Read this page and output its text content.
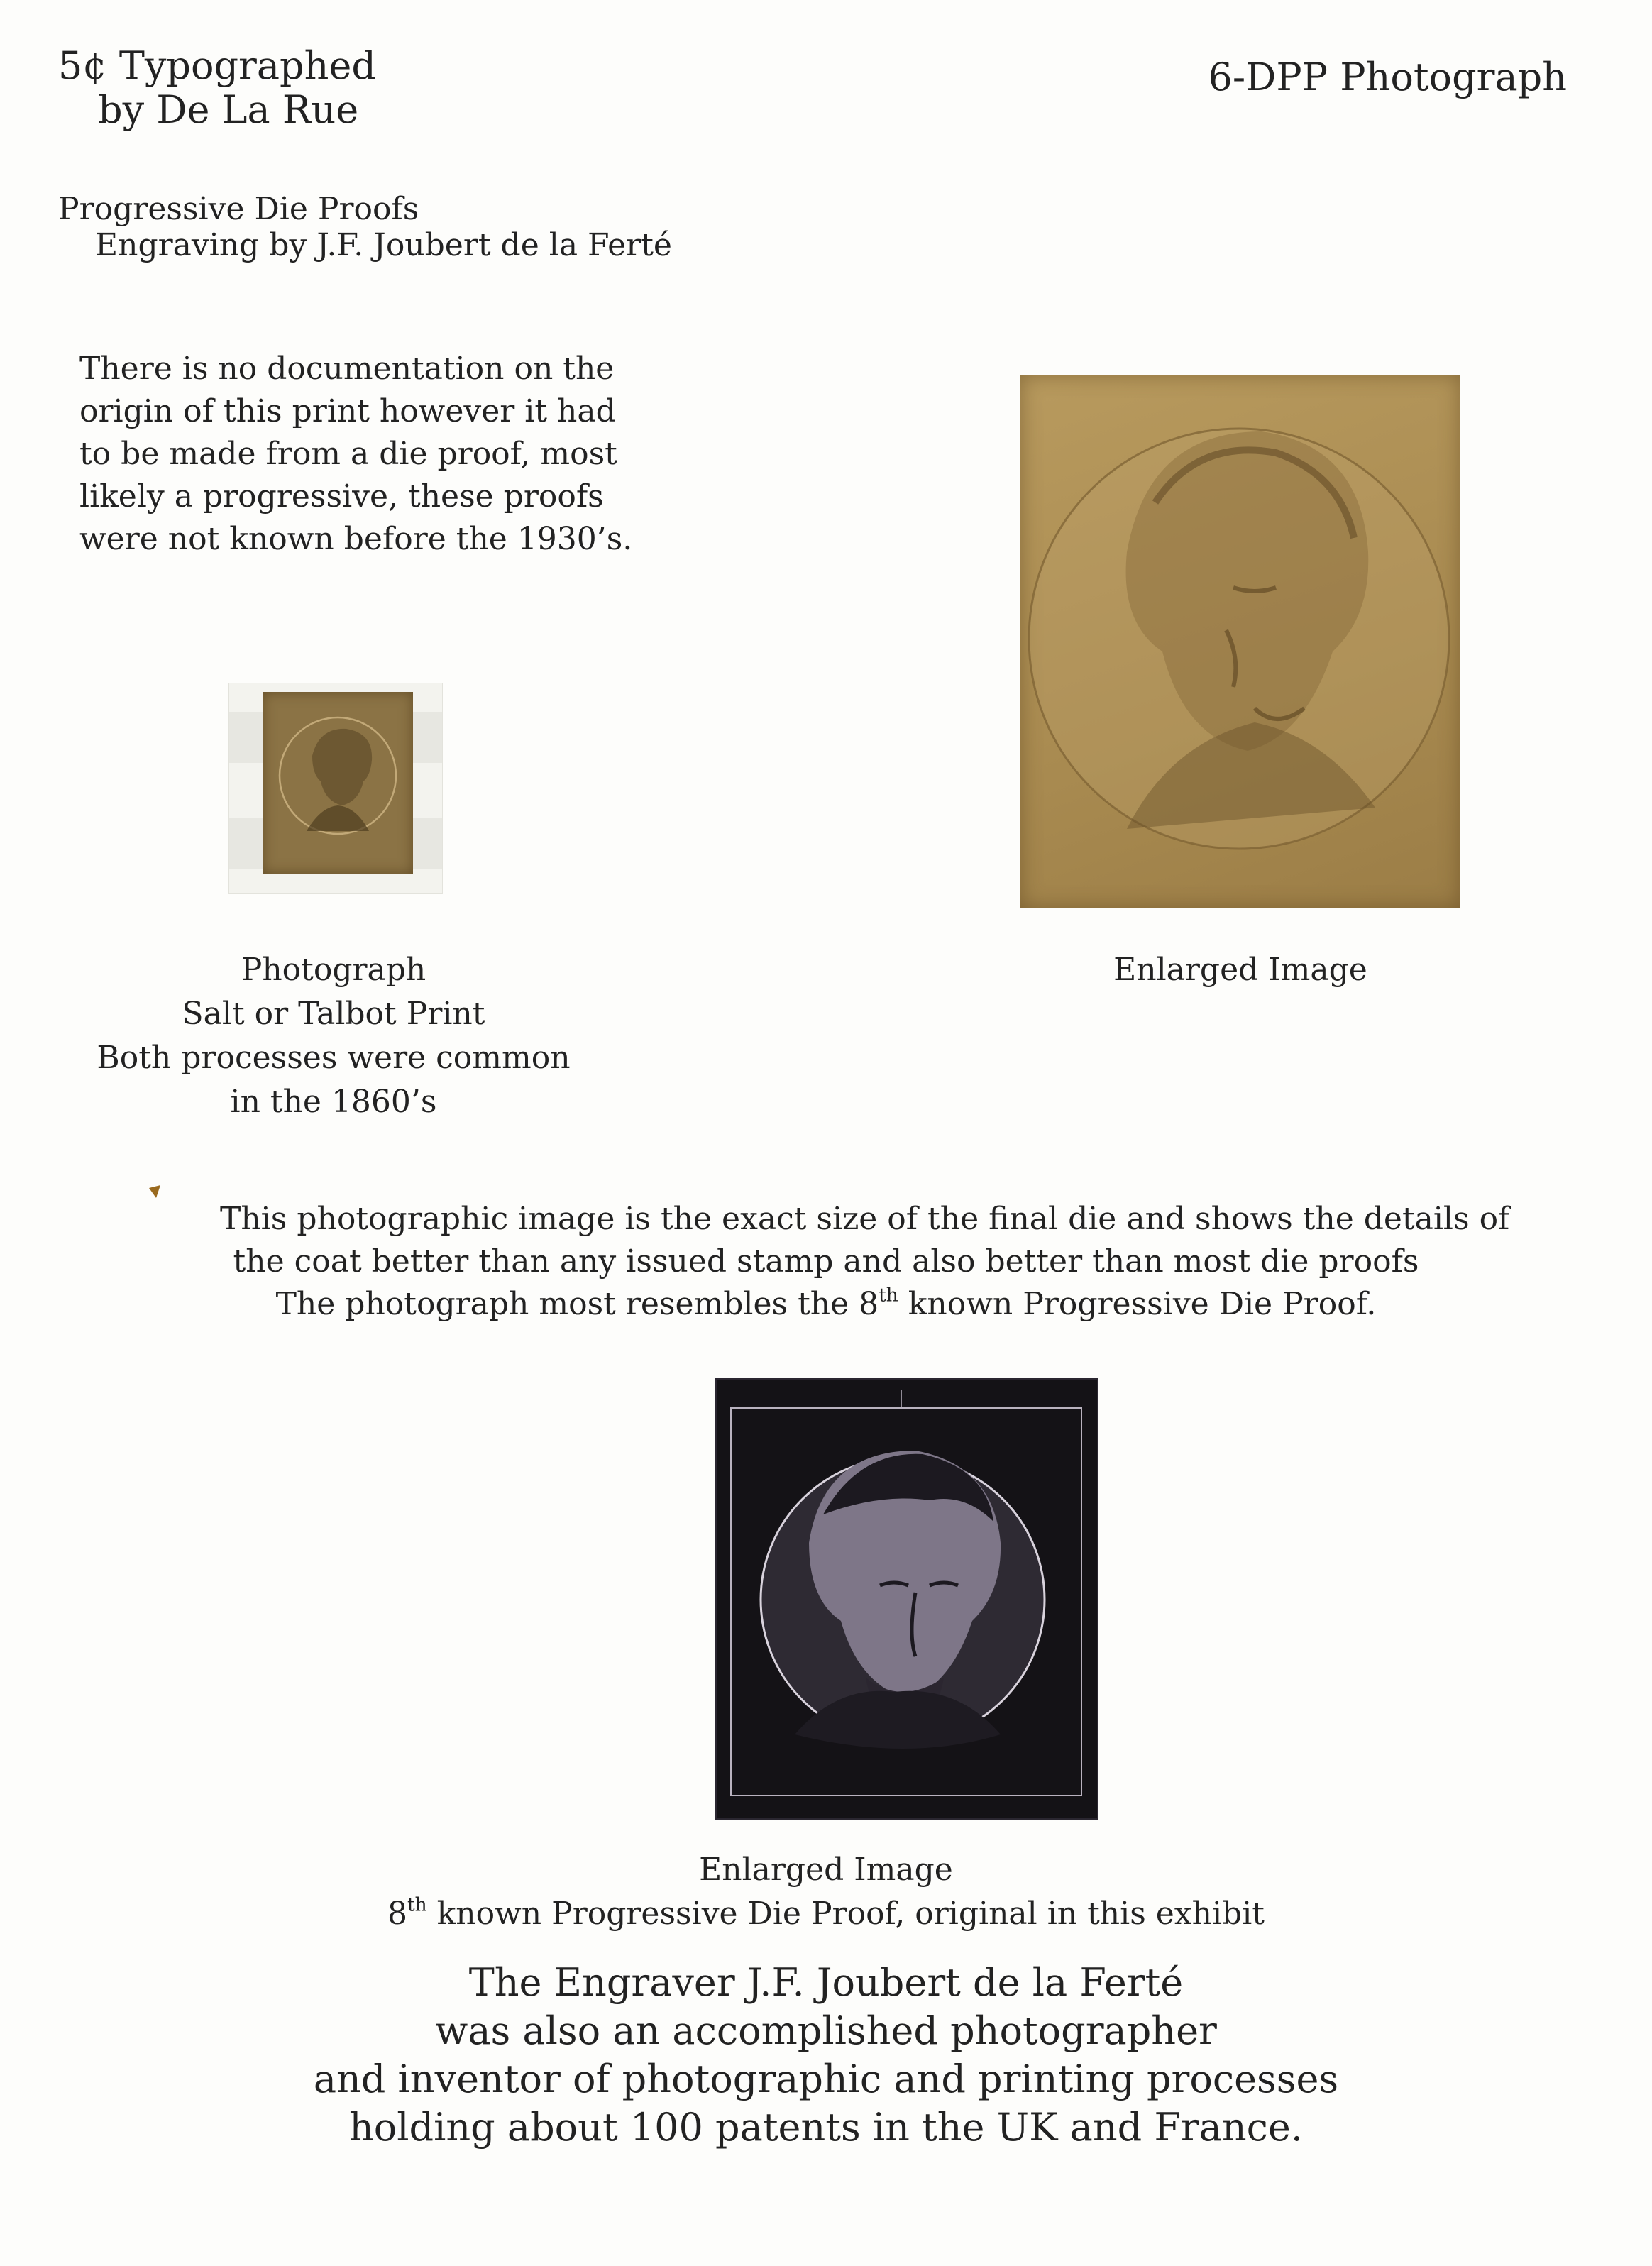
5¢ Typographed
by De La Rue
6-DPP Photograph
Progressive Die Proofs
Engraving by J.F. Joubert de la Ferté
There is no documentation on the
origin of this print however it had
to be made from a die proof, most
likely a progressive, these proofs
were not known before the 1930’s.
Photograph
Salt or Talbot Print
Both processes were common
in the 1860’s
Enlarged Image
This photographic image is the exact size of the final die and shows the details of
the coat better than any issued stamp and also better than most die proofs
The photograph most resembles the 8th known Progressive Die Proof.
Enlarged Image
8th known Progressive Die Proof, original in this exhibit
The Engraver J.F. Joubert de la Ferté
was also an accomplished photographer
and inventor of photographic and printing processes
holding about 100 patents in the UK and France.
